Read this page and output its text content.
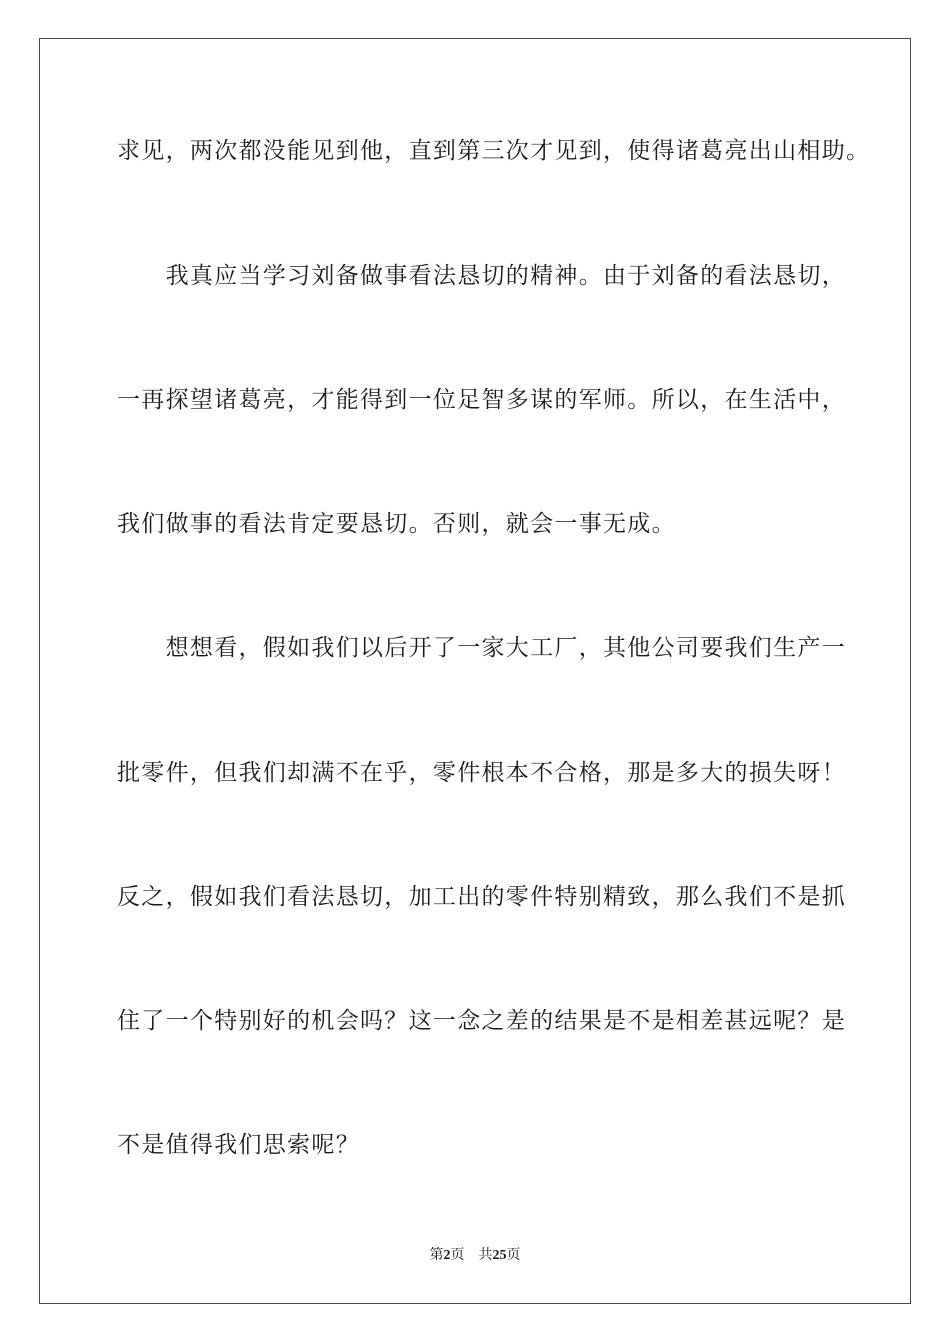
求见，两次都没能见到他，直到第三次才见到，使得诸葛亮出山相助。
　　我真应当学习刘备做事看法恳切的精神。由于刘备的看法恳切，
一再探望诸葛亮，才能得到一位足智多谋的军师。所以，在生活中，
我们做事的看法肯定要恳切。否则，就会一事无成。
　　想想看，假如我们以后开了一家大工厂，其他公司要我们生产一
批零件，但我们却满不在乎，零件根本不合格，那是多大的损失呀！
反之，假如我们看法恳切，加工出的零件特别精致，那么我们不是抓
住了一个特别好的机会吗？这一念之差的结果是不是相差甚远呢？是
不是值得我们思索呢？
第2页 共25页
